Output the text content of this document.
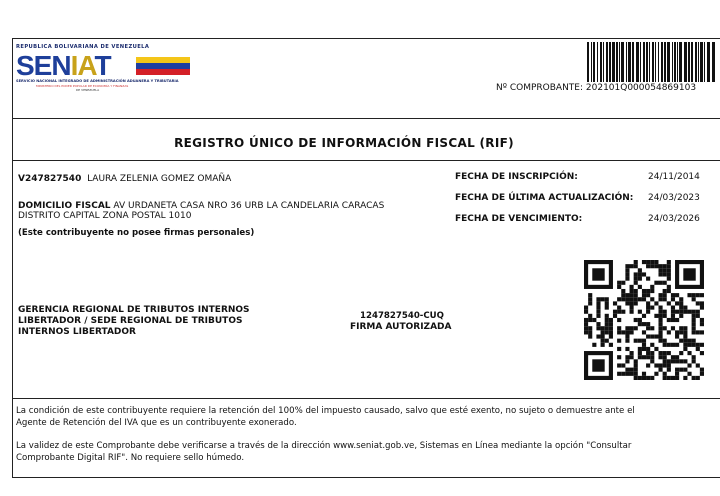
REPUBLICA BOLIVARIANA DE VENEZUELA
SENIAT
SERVICIO NACIONAL INTEGRADO DE ADMINISTRACIÓN ADUANERA Y TRIBUTARIA
MINISTERIO DEL PODER POPULAR DE ECONOMÍA Y FINANZAS
DE VENEZUELA	Nº COMPROBANTE: 202101Q000054869103
REGISTRO ÚNICO DE INFORMACIÓN FISCAL (RIF)
V247827540 LAURA ZELENIA GOMEZ OMAÑA
DOMICILIO FISCAL AV URDANETA CASA NRO 36 URB LA CANDELARIA CARACAS
DISTRITO CAPITAL ZONA POSTAL 1010
(Este contribuyente no posee firmas personales)
FECHA DE INSCRIPCIÓN:	24/11/2014
FECHA DE ÚLTIMA ACTUALIZACIÓN: 24/03/2023
FECHA DE VENCIMIENTO:	24/03/2026
GERENCIA REGIONAL DE TRIBUTOS INTERNOS
LIBERTADOR / SEDE REGIONAL DE TRIBUTOS
INTERNOS LIBERTADOR
1247827540-CUQ
FIRMA AUTORIZADA
La condición de este contribuyente requiere la retención del 100% del impuesto causado, salvo que esté exento, no sujeto o demuestre ante el
Agente de Retención del IVA que es un contribuyente exonerado.
La validez de este Comprobante debe verificarse a través de la dirección www.seniat.gob.ve, Sistemas en Línea mediante la opción "Consultar
Comprobante Digital RIF". No requiere sello húmedo.
